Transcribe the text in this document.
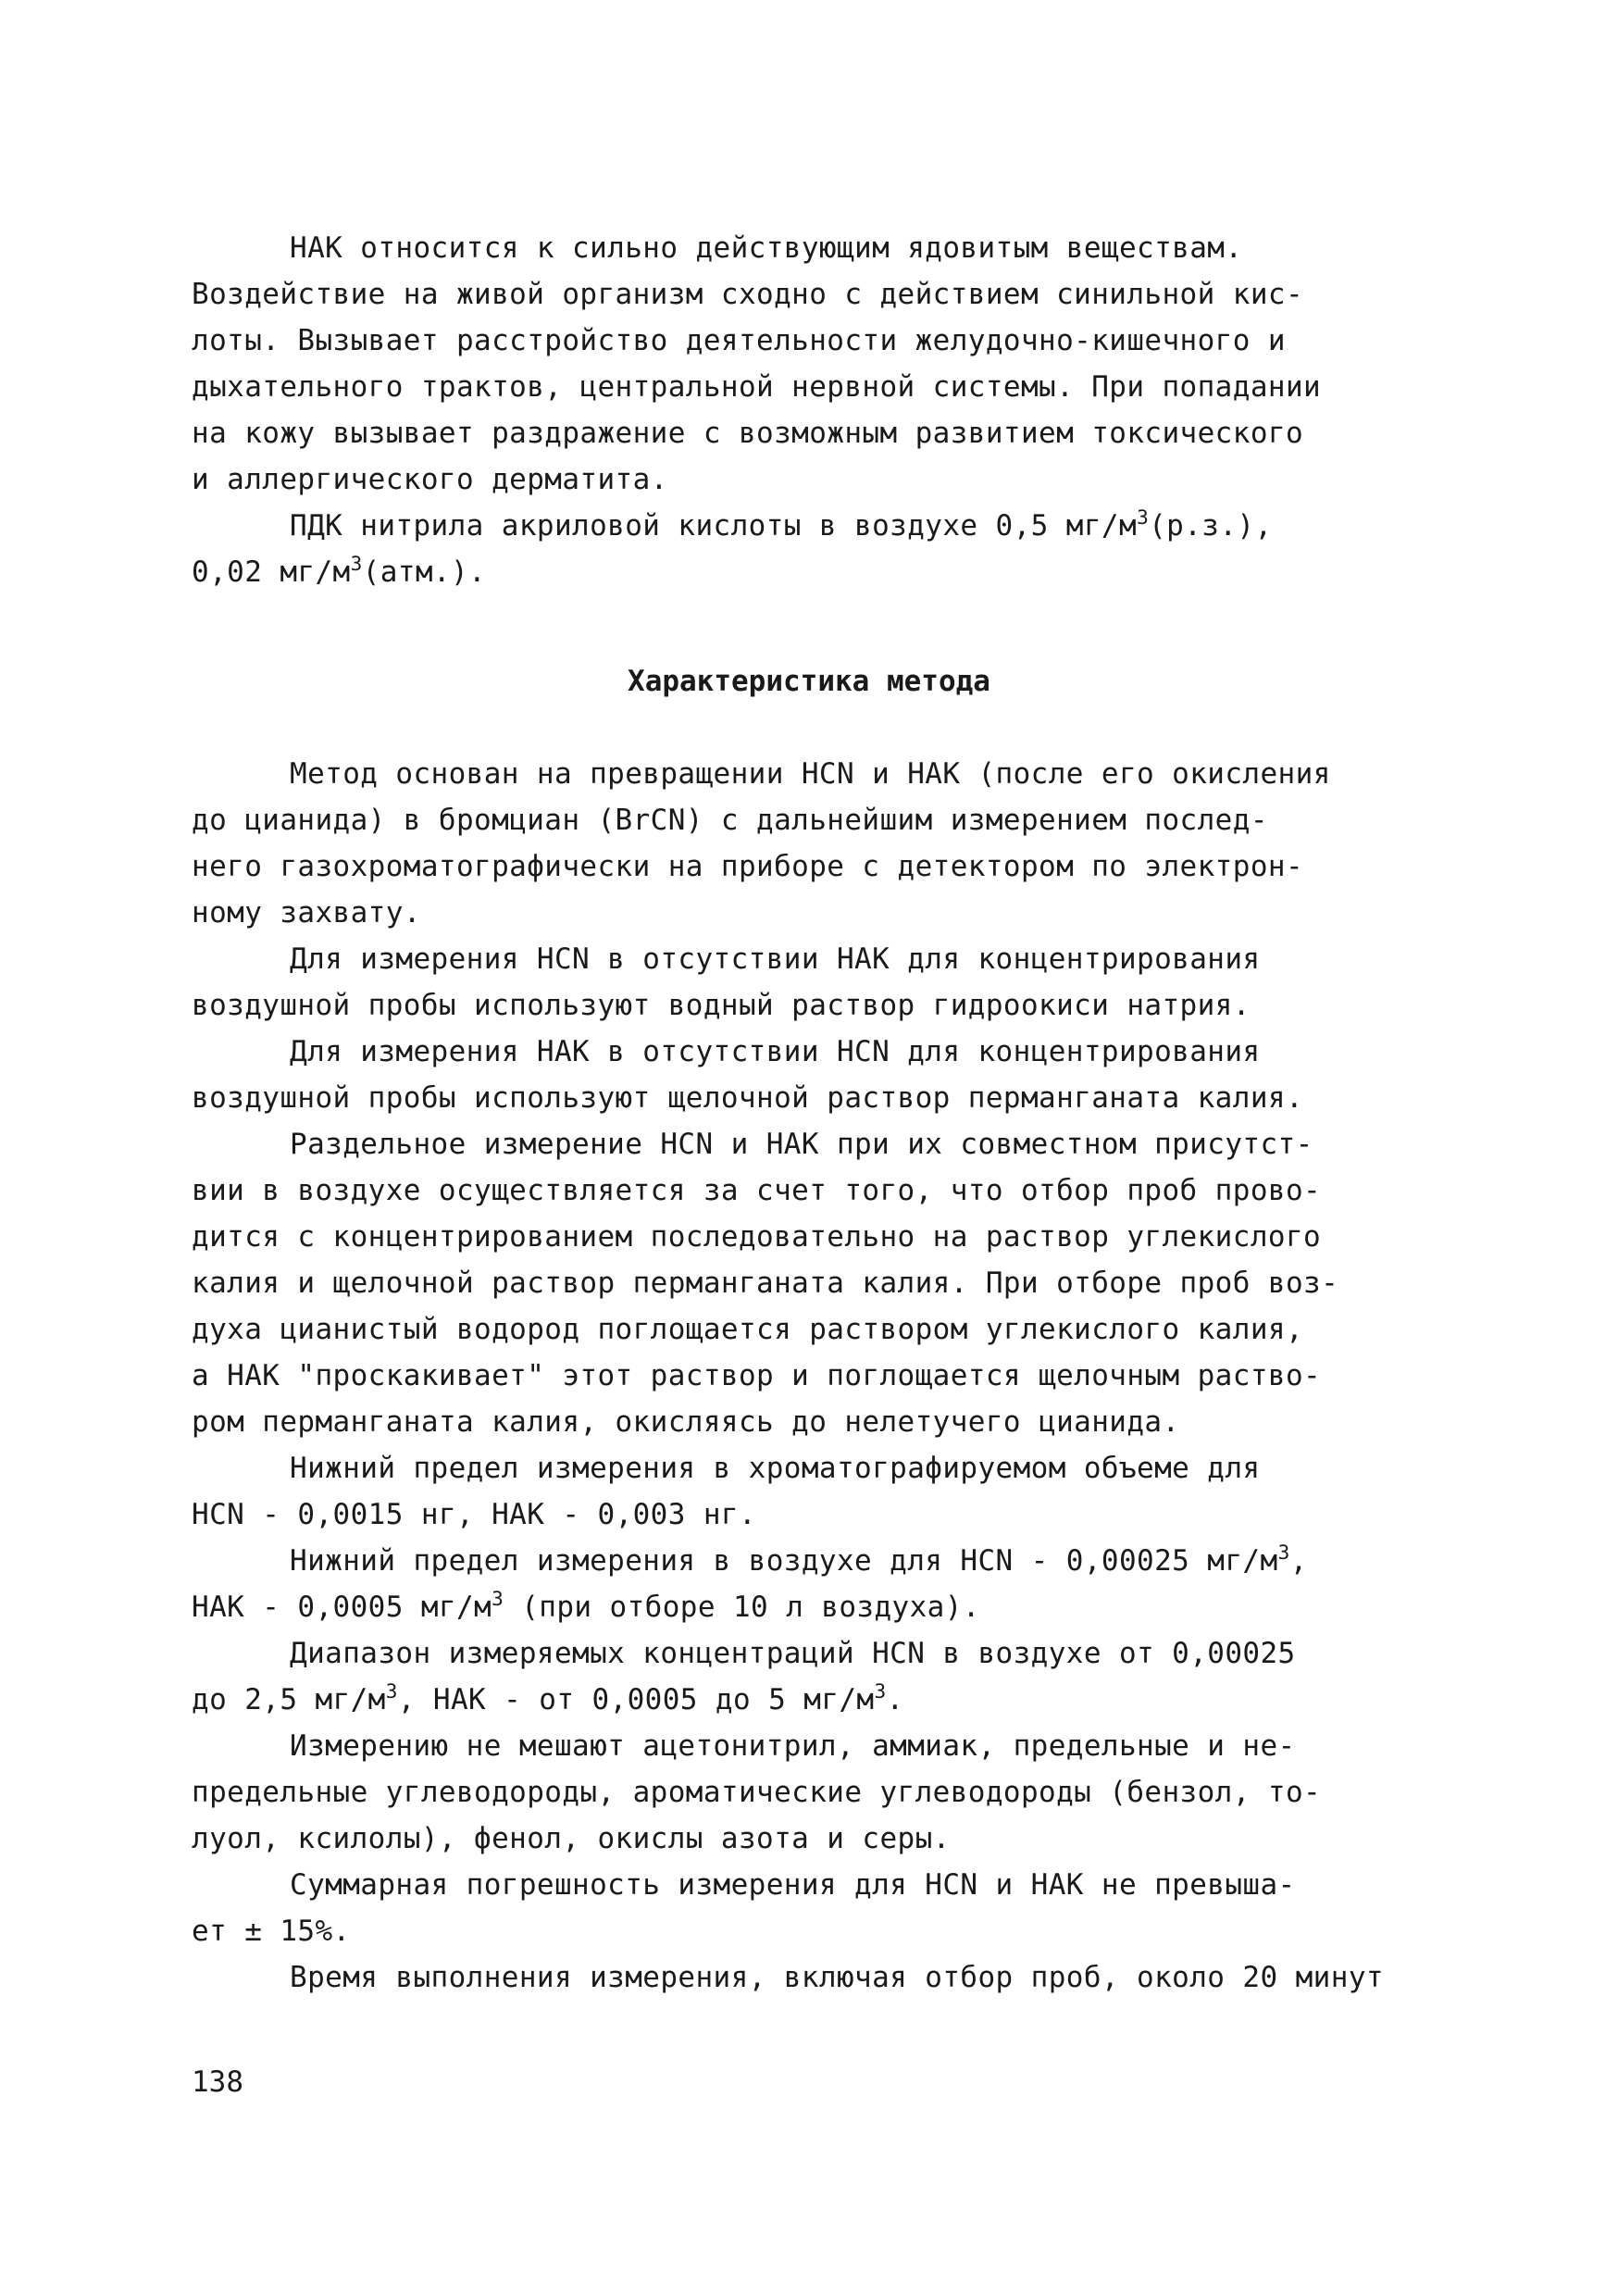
НАК относится к сильно действующим ядовитым веществам.
Воздействие на живой организм сходно с действием синильной кис-
лоты. Вызывает расстройство деятельности желудочно-кишечного и
дыхательного трактов, центральной нервной системы. При попадании
на кожу вызывает раздражение с возможным развитием токсического
и аллергического дерматита.
ПДК нитрила акриловой кислоты в воздухе 0,5 $мг/м^3(р.з.)$,
0,02 $мг/м^3(атм.)$.
Характеристика метода
Метод основан на превращении НСN и НАК (после его окисления
до цианида) в бромциан (BrCN) с дальнейшим измерением послед-
него газохроматографически на приборе с детектором по электрон-
ному захвату.
Для измерения НСN в отсутствии НАК для концентрирования
воздушной пробы используют водный раствор гидроокиси натрия.
Для измерения НАК в отсутствии НСN для концентрирования
воздушной пробы используют щелочной раствор перманганата калия.
Раздельное измерение НСN и НАК при их совместном присутст-
вии в воздухе осуществляется за счет того, что отбор проб прово-
дится с концентрированием последовательно на раствор углекислого
калия и щелочной раствор перманганата калия. При отборе проб воз-
духа цианистый водород поглощается раствором углекислого калия,
а НАК "проскакивает" этот раствор и поглощается щелочным раство-
ром перманганата калия, окисляясь до нелетучего цианида.
Нижний предел измерения в хроматографируемом объеме для
НСN - 0,0015 нг, НАК - 0,003 нг.
Нижний предел измерения в воздухе для НСN - 0,00025 $мг/м^3$,
НАК - 0,0005 $мг/м^3$ (при отборе 10 л воздуха).
Диапазон измеряемых концентраций НСN в воздухе от 0,00025
до 2,5 $мг/м^3$, НАК - от 0,0005 до 5 $мг/м^3$.
Измерению не мешают ацетонитрил, аммиак, предельные и не-
предельные углеводороды, ароматические углеводороды (бензол, то-
луол, ксилолы), фенол, окислы азота и серы.
Суммарная погрешность измерения для НСN и НАК не превыша-
ет ± 15%.
Время выполнения измерения, включая отбор проб, около 20 минут
138
